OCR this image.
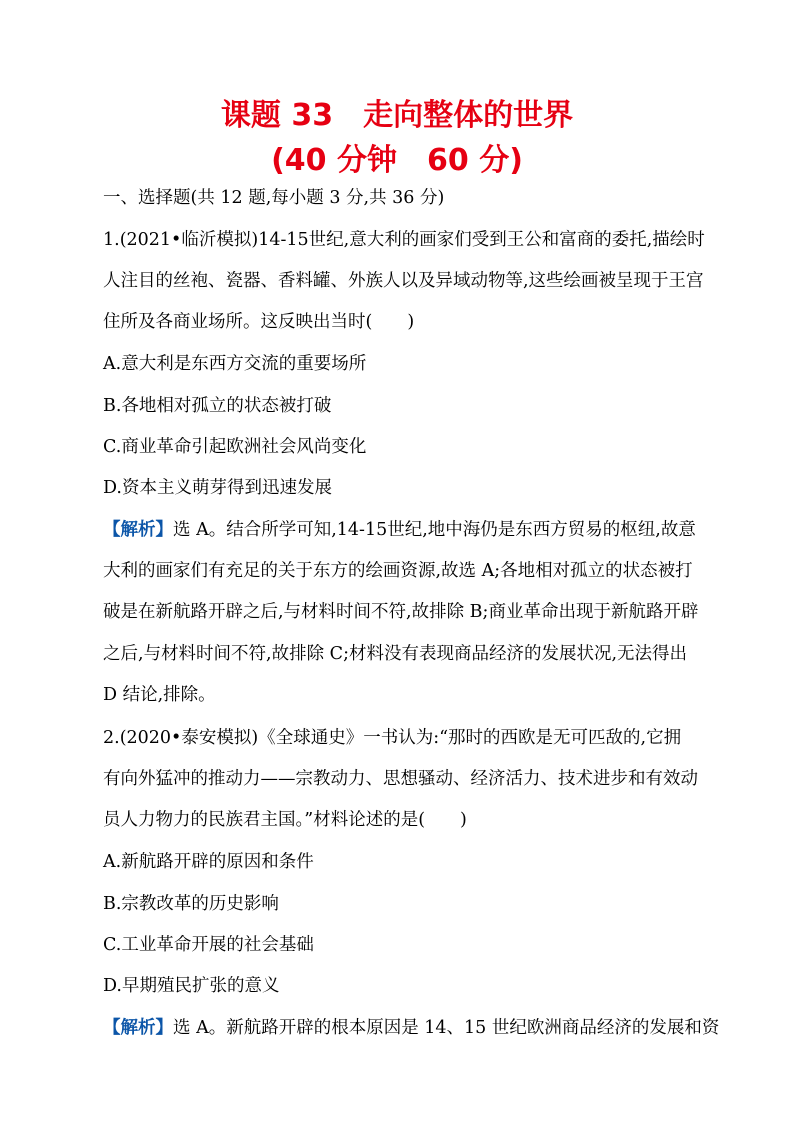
课题 33　走向整体的世界
(40 分钟　60 分)
一、选择题(共 12 题,每小题 3 分,共 36 分)
1.(2021•临沂模拟)14-15世纪,意大利的画家们受到王公和富商的委托,描绘时
人注目的丝袍、瓷器、香料罐、外族人以及异域动物等,这些绘画被呈现于王宫
住所及各商业场所。这反映出当时(　　)
A.意大利是东西方交流的重要场所
B.各地相对孤立的状态被打破
C.商业革命引起欧洲社会风尚变化
D.资本主义萌芽得到迅速发展
【解析】选 A。结合所学可知,14-15世纪,地中海仍是东西方贸易的枢纽,故意
大利的画家们有充足的关于东方的绘画资源,故选 A;各地相对孤立的状态被打
破是在新航路开辟之后,与材料时间不符,故排除 B;商业革命出现于新航路开辟
之后,与材料时间不符,故排除 C;材料没有表现商品经济的发展状况,无法得出
D 结论,排除。
2.(2020•泰安模拟)《全球通史》一书认为:“那时的西欧是无可匹敌的,它拥
有向外猛冲的推动力——宗教动力、思想骚动、经济活力、技术进步和有效动
员人力物力的民族君主国。”材料论述的是(　　)
A.新航路开辟的原因和条件
B.宗教改革的历史影响
C.工业革命开展的社会基础
D.早期殖民扩张的意义
【解析】选 A。新航路开辟的根本原因是 14、15 世纪欧洲商品经济的发展和资
